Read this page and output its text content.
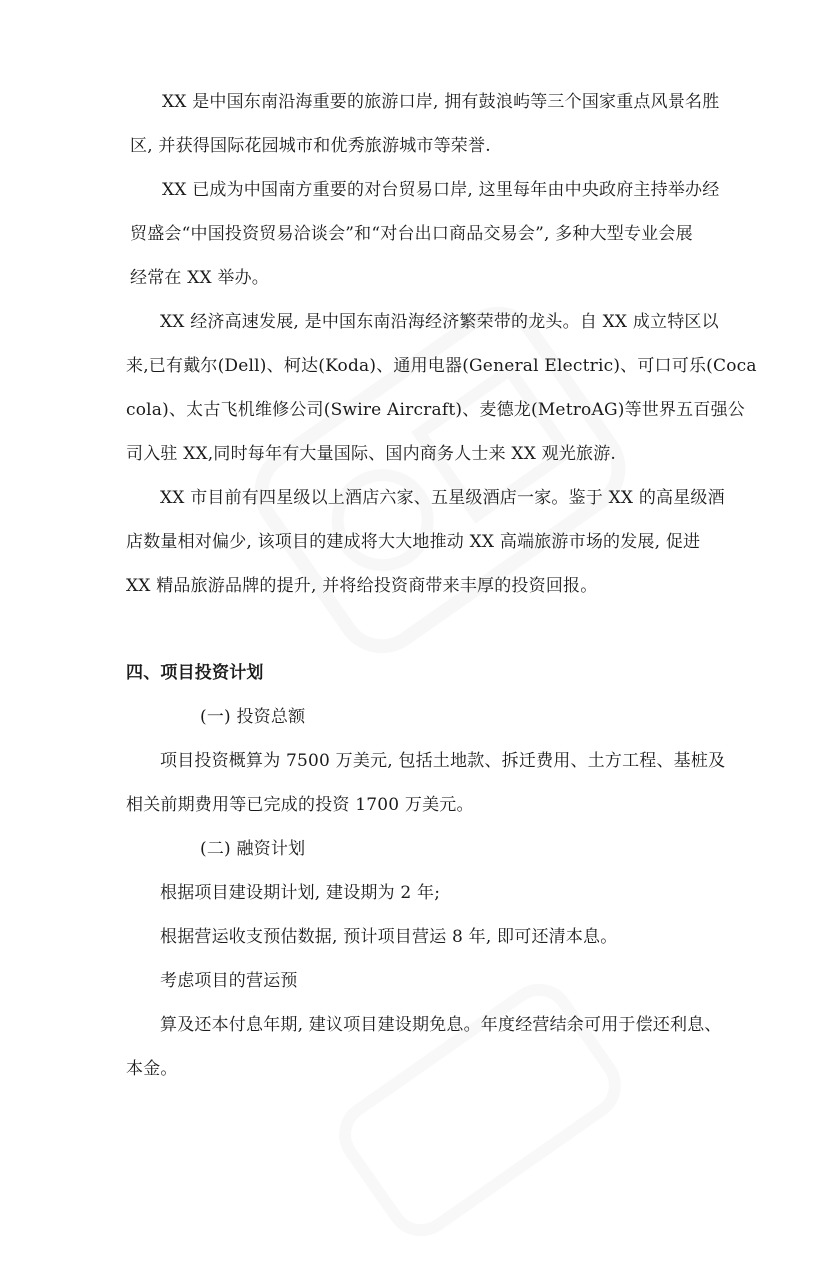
XX 是中国东南沿海重要的旅游口岸, 拥有鼓浪屿等三个国家重点风景名胜
区, 并获得国际花园城市和优秀旅游城市等荣誉.
XX 已成为中国南方重要的对台贸易口岸, 这里每年由中央政府主持举办经
贸盛会“中国投资贸易洽谈会”和“对台出口商品交易会”, 多种大型专业会展
经常在 XX 举办。
XX 经济高速发展, 是中国东南沿海经济繁荣带的龙头。自 XX 成立特区以
来,已有戴尔(Dell)、柯达(Koda)、通用电器(General Electric)、可口可乐(Coca
cola)、太古飞机维修公司(Swire Aircraft)、麦德龙(MetroAG)等世界五百强公
司入驻 XX,同时每年有大量国际、国内商务人士来 XX 观光旅游.
XX 市目前有四星级以上酒店六家、五星级酒店一家。鉴于 XX 的高星级酒
店数量相对偏少, 该项目的建成将大大地推动 XX 高端旅游市场的发展, 促进
XX 精品旅游品牌的提升, 并将给投资商带来丰厚的投资回报。
四、项目投资计划
(一) 投资总额
项目投资概算为 7500 万美元, 包括土地款、拆迁费用、土方工程、基桩及
相关前期费用等已完成的投资 1700 万美元。
(二) 融资计划
根据项目建设期计划, 建设期为 2 年;
根据营运收支预估数据, 预计项目营运 8 年, 即可还清本息。
考虑项目的营运预
算及还本付息年期, 建议项目建设期免息。年度经营结余可用于偿还利息、
本金。
